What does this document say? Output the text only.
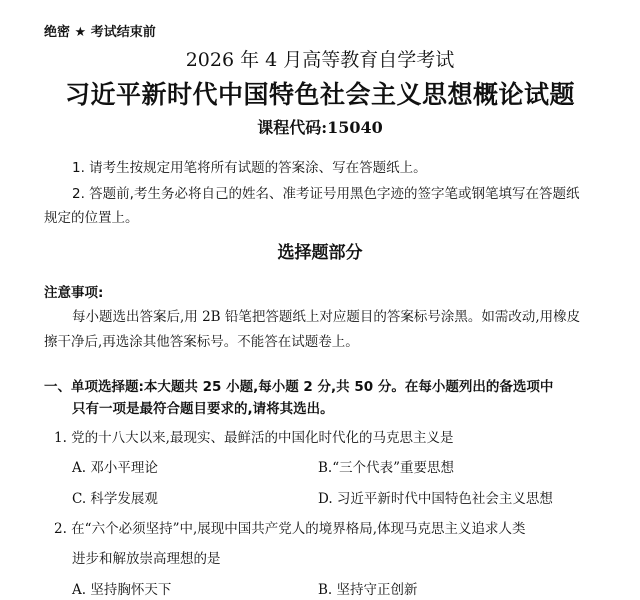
绝密 ★ 考试结束前
2026 年 4 月高等教育自学考试
习近平新时代中国特色社会主义思想概论试题
课程代码:15040
1. 请考生按规定用笔将所有试题的答案涂、写在答题纸上。
2. 答题前,考生务必将自己的姓名、准考证号用黑色字迹的签字笔或钢笔填写在答题纸
规定的位置上。
选择题部分
注意事项:
每小题选出答案后,用 2B 铅笔把答题纸上对应题目的答案标号涂黑。如需改动,用橡皮
擦干净后,再选涂其他答案标号。不能答在试题卷上。
一、单项选择题:本大题共 25 小题,每小题 2 分,共 50 分。在每小题列出的备选项中
只有一项是最符合题目要求的,请将其选出。
1. 党的十八大以来,最现实、最鲜活的中国化时代化的马克思主义是
A. 邓小平理论	B.“三个代表”重要思想
C. 科学发展观	D. 习近平新时代中国特色社会主义思想
2. 在“六个必须坚持”中,展现中国共产党人的境界格局,体现马克思主义追求人类
进步和解放崇高理想的是
A. 坚持胸怀天下	B. 坚持守正创新
